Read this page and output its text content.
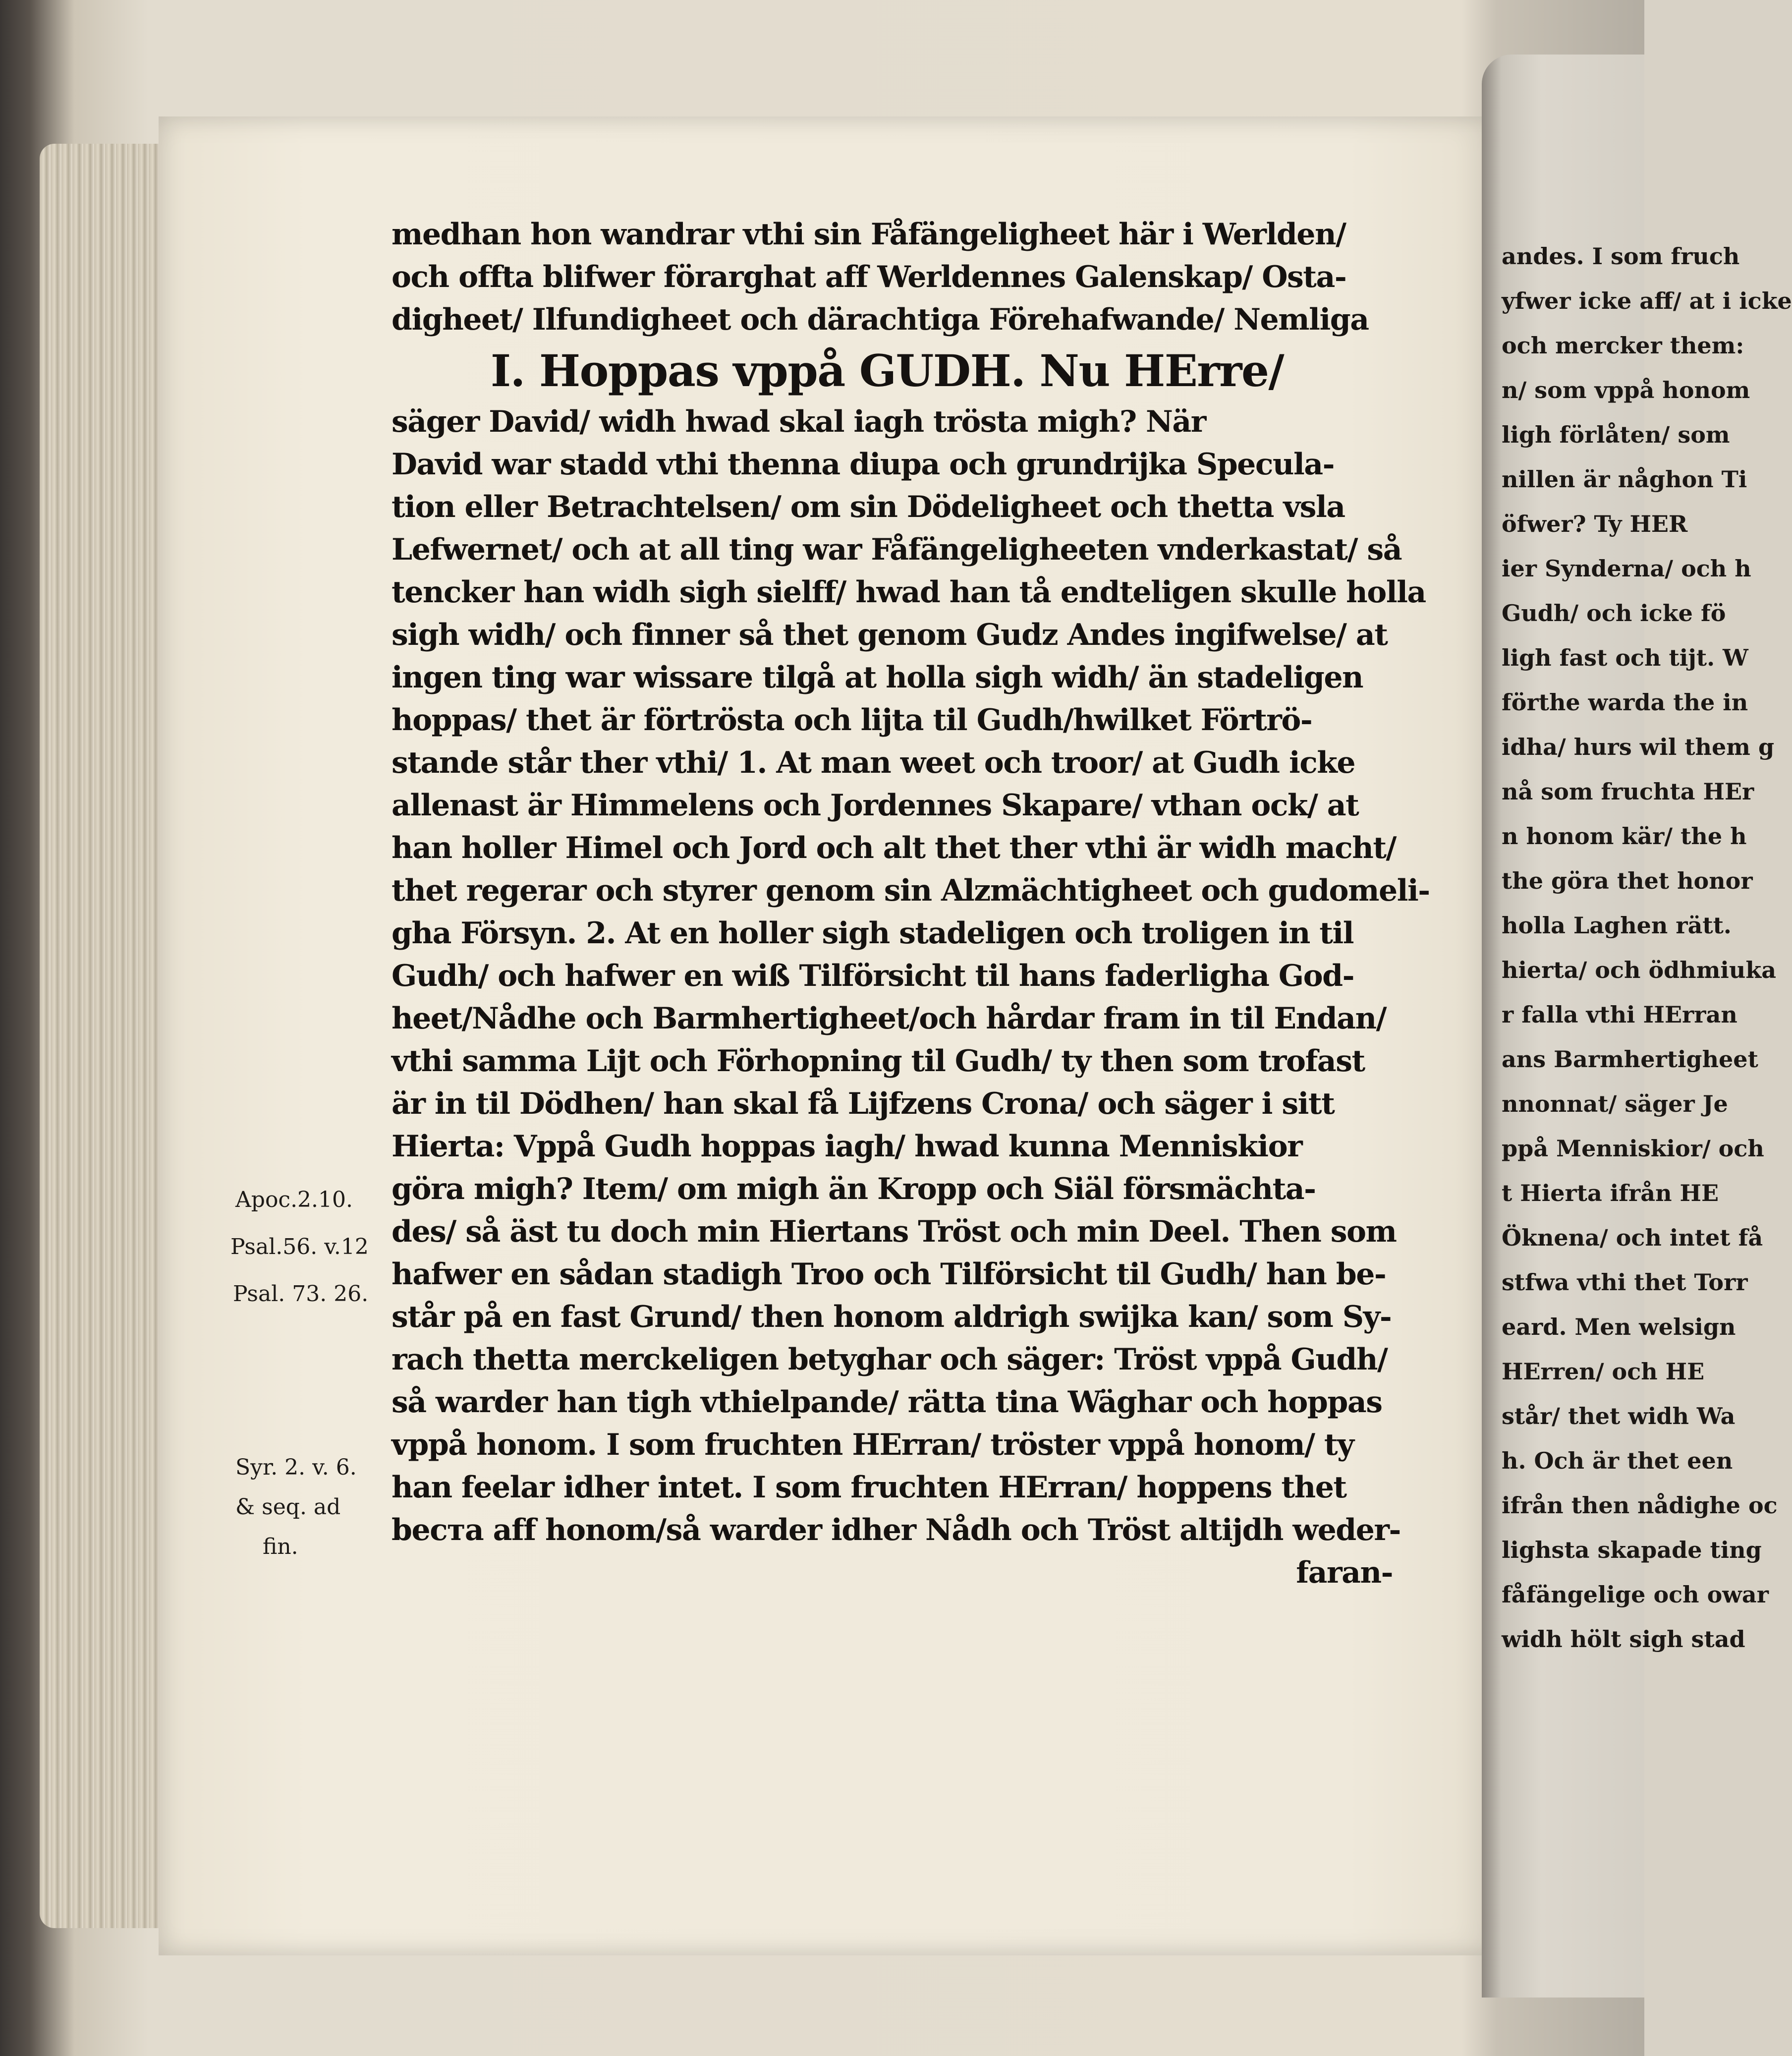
medhan hon wandrar vthi sin Fåfängeligheet här i Werlden/
och offta blifwer förarghat aff Werldennes Galenskap/ Osta-
digheet/ Ilfundigheet och därachtiga Förehafwande/ Nemliga
I. Hoppas vppå GUDH. Nu HErre/
säger David/ widh hwad skal iagh trösta migh? När
David war stadd vthi thenna diupa och grundrijka Specula-
tion eller Betrachtelsen/ om sin Dödeligheet och thetta vsla
Lefwernet/ och at all ting war Fåfängeligheeten vnderkastat/ så
tencker han widh sigh sielff/ hwad han tå endteligen skulle holla
sigh widh/ och finner så thet genom Gudz Andes ingifwelse/ at
ingen ting war wissare tilgå at holla sigh widh/ än stadeligen
hoppas/ thet är förtrösta och lijta til Gudh/hwilket Förtrö-
stande står ther vthi/ 1. At man weet och troor/ at Gudh icke
allenast är Himmelens och Jordennes Skapare/ vthan ock/ at
han holler Himel och Jord och alt thet ther vthi är widh macht/
thet regerar och styrer genom sin Alzmächtigheet och gudomeli-
gha Försyn. 2. At en holler sigh stadeligen och troligen in til
Gudh/ och hafwer en wiß Tilförsicht til hans faderligha God-
heet/Nådhe och Barmhertigheet/och hårdar fram in til Endan/
vthi samma Lijt och Förhopning til Gudh/ ty then som trofast
är in til Dödhen/ han skal få Lijfzens Crona/ och säger i sitt
Hierta: Vppå Gudh hoppas iagh/ hwad kunna Menniskior
göra migh? Item/ om migh än Kropp och Siäl försmächta-
des/ så äst tu doch min Hiertans Tröst och min Deel. Then som
hafwer en sådan stadigh Troo och Tilförsicht til Gudh/ han be-
står på en fast Grund/ then honom aldrigh swijka kan/ som Sy-
rach thetta merckeligen betyghar och säger: Tröst vppå Gudh/
så warder han tigh vthielpande/ rätta tina Wäghar och hoppas
vppå honom. I som fruchten HErran/ tröster vppå honom/ ty
han feelar idher intet. I som fruchten HErran/ hoppens thet
beста aff honom/så warder idher Nådh och Tröst altijdh weder-
faran-
Apoc.2.10.
Psal.56. v.12
Psal. 73. 26.
Syr. 2. v. 6.
& seq. ad
fin.
andes. I som fruch
yfwer icke aff/ at i icke
och mercker them:
n/ som vppå honom
ligh förlåten/ som
nillen är någhon Ti
öfwer? Ty HER
ier Synderna/ och h
Gudh/ och icke fö
ligh fast och tijt. W
förthe warda the in
idha/ hurs wil them g
nå som fruchta HEr
n honom kär/ the h
the göra thet honor
holla Laghen rätt.
hierta/ och ödhmiuka
r falla vthi HErran
ans Barmhertigheet
nnonnat/ säger Je
ppå Menniskior/ och
t Hierta ifrån HE
Öknena/ och intet få
stfwa vthi thet Torr
eard. Men welsign
HErren/ och HE
står/ thet widh Wa
h. Och är thet een
ifrån then nådighe oc
lighsta skapade ting
fåfängelige och owar
widh hölt sigh stad
